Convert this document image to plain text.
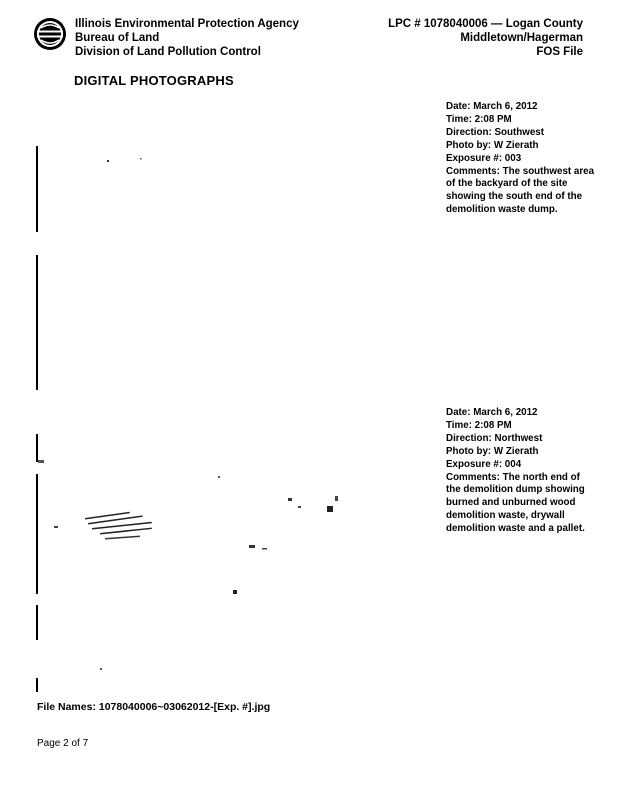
Illinois Environmental Protection Agency
Bureau of Land
Division of Land Pollution Control
LPC # 1078040006 — Logan County
Middletown/Hagerman
FOS File
DIGITAL PHOTOGRAPHS
Date: March 6, 2012
Time: 2:08 PM
Direction: Southwest
Photo by: W Zierath
Exposure #: 003
Comments: The southwest area of the backyard of the site showing the south end of the demolition waste dump.
Date: March 6, 2012
Time: 2:08 PM
Direction: Northwest
Photo by: W Zierath
Exposure #: 004
Comments: The north end of the demolition dump showing burned and unburned wood demolition waste, drywall demolition waste and a pallet.
File Names: 1078040006~03062012-[Exp. #].jpg
Page 2 of 7
